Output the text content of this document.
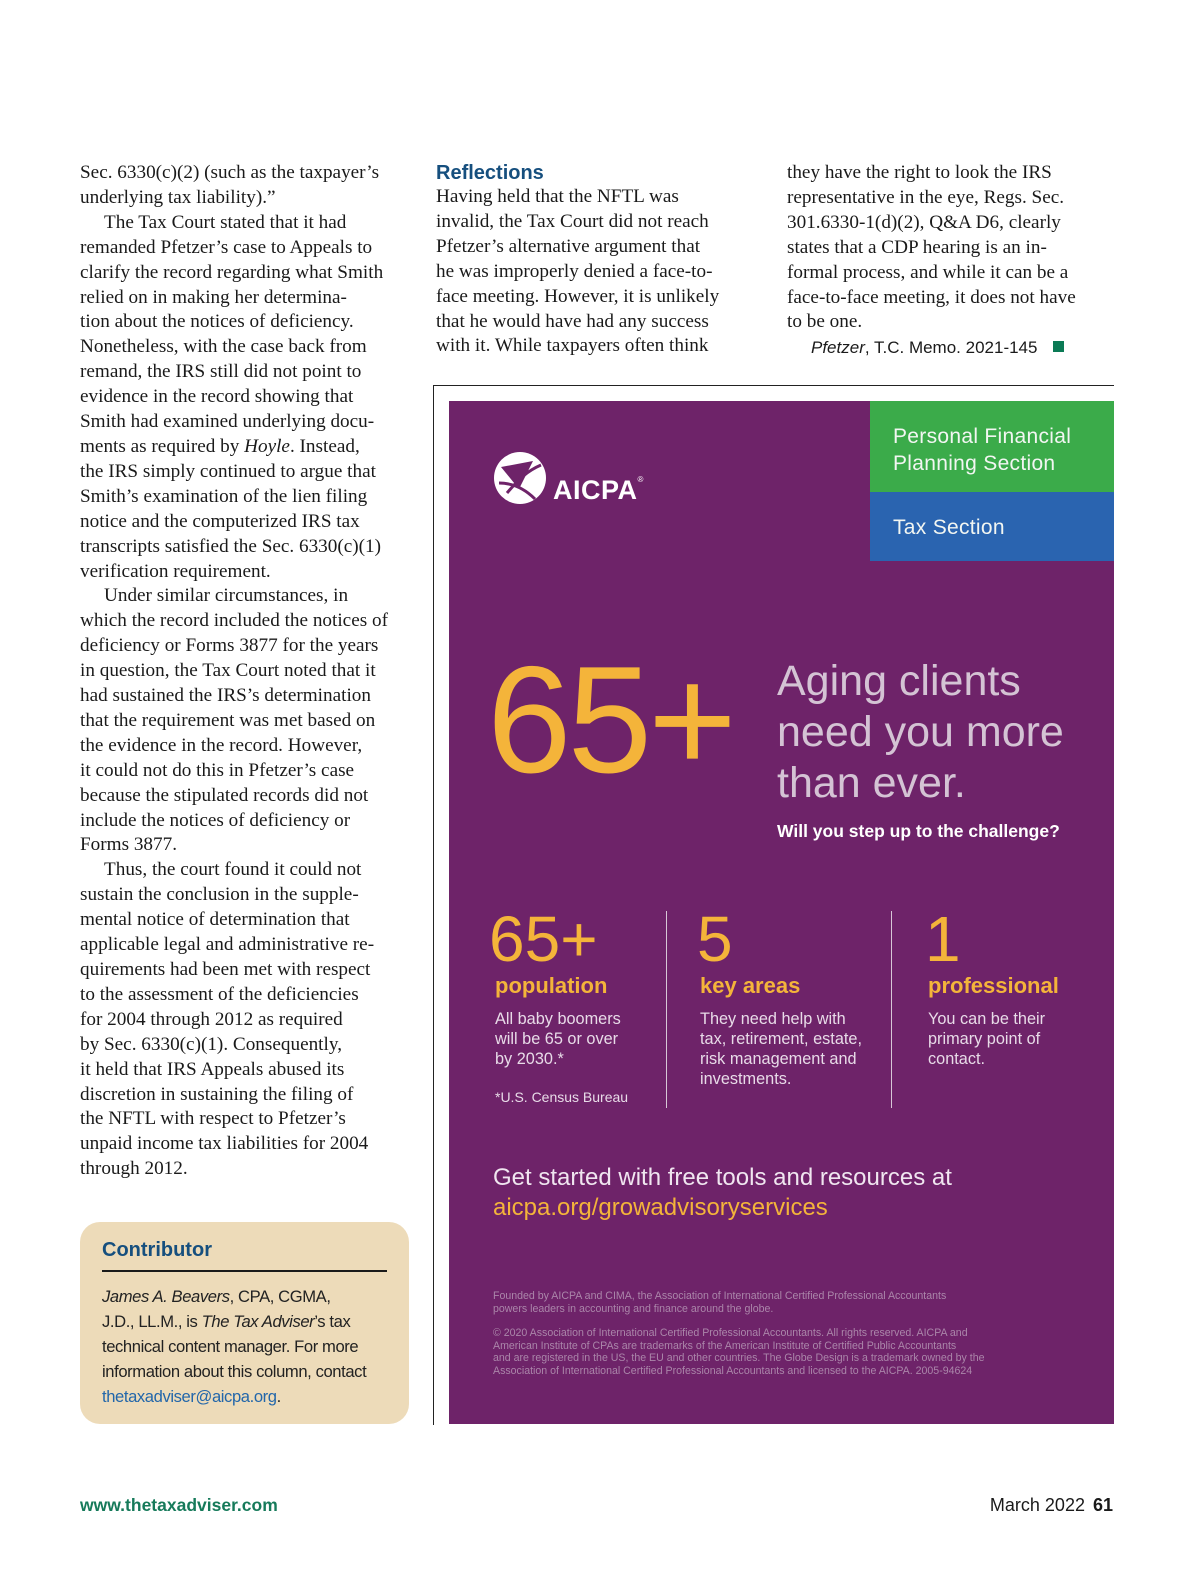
Sec. 6330(c)(2) (such as the taxpayer’s
underlying tax liability).”

The Tax Court stated that it had
remanded Pfetzer’s case to Appeals to
clarify the record regarding what Smith
relied on in making her determina-
tion about the notices of deficiency.
Nonetheless, with the case back from
remand, the IRS still did not point to
evidence in the record showing that
Smith had examined underlying docu-
ments as required by Hoyle. Instead,
the IRS simply continued to argue that
Smith’s examination of the lien filing
notice and the computerized IRS tax
transcripts satisfied the Sec. 6330(c)(1)
verification requirement.

Under similar circumstances, in
which the record included the notices of
deficiency or Forms 3877 for the years
in question, the Tax Court noted that it
had sustained the IRS’s determination
that the requirement was met based on
the evidence in the record. However,
it could not do this in Pfetzer’s case
because the stipulated records did not
include the notices of deficiency or
Forms 3877.

Thus, the court found it could not
sustain the conclusion in the supple-
mental notice of determination that
applicable legal and administrative re-
quirements had been met with respect
to the assessment of the deficiencies
for 2004 through 2012 as required
by Sec. 6330(c)(1). Consequently,
it held that IRS Appeals abused its
discretion in sustaining the filing of
the NFTL with respect to Pfetzer’s
unpaid income tax liabilities for 2004
through 2012.

Reflections

Having held that the NFTL was
invalid, the Tax Court did not reach
Pfetzer’s alternative argument that
he was improperly denied a face-to-
face meeting. However, it is unlikely
that he would have had any success
with it. While taxpayers often think

they have the right to look the IRS
representative in the eye, Regs. Sec.
301.6330-1(d)(2), Q&A D6, clearly
states that a CDP hearing is an in-
formal process, and while it can be a
face-to-face meeting, it does not have
to be one.

Pfetzer, T.C. Memo. 2021-145
Contributor
James A. Beavers, CPA, CGMA,
J.D., LL.M., is The Tax Adviser’s tax
technical content manager. For more
information about this column, contact
thetaxadviser@aicpa.org.
Personal Financial
Planning Section
Tax Section
AICPA®
65+ Aging clients
need you more
than ever.
Will you step up to the challenge?
65+
population
All baby boomers
will be 65 or over
by 2030.*
*U.S. Census Bureau
5
key areas
They need help with
tax, retirement, estate,
risk management and
investments.
1
professional
You can be their
primary point of
contact.
Get started with free tools and resources at
aicpa.org/growadvisoryservices
Founded by AICPA and CIMA, the Association of International Certified Professional Accountants
powers leaders in accounting and finance around the globe.
© 2020 Association of International Certified Professional Accountants. All rights reserved. AICPA and
American Institute of CPAs are trademarks of the American Institute of Certified Public Accountants
and are registered in the US, the EU and other countries. The Globe Design is a trademark owned by the
Association of International Certified Professional Accountants and licensed to the AICPA. 2005-94624
www.thetaxadviser.com	March 2022 61
